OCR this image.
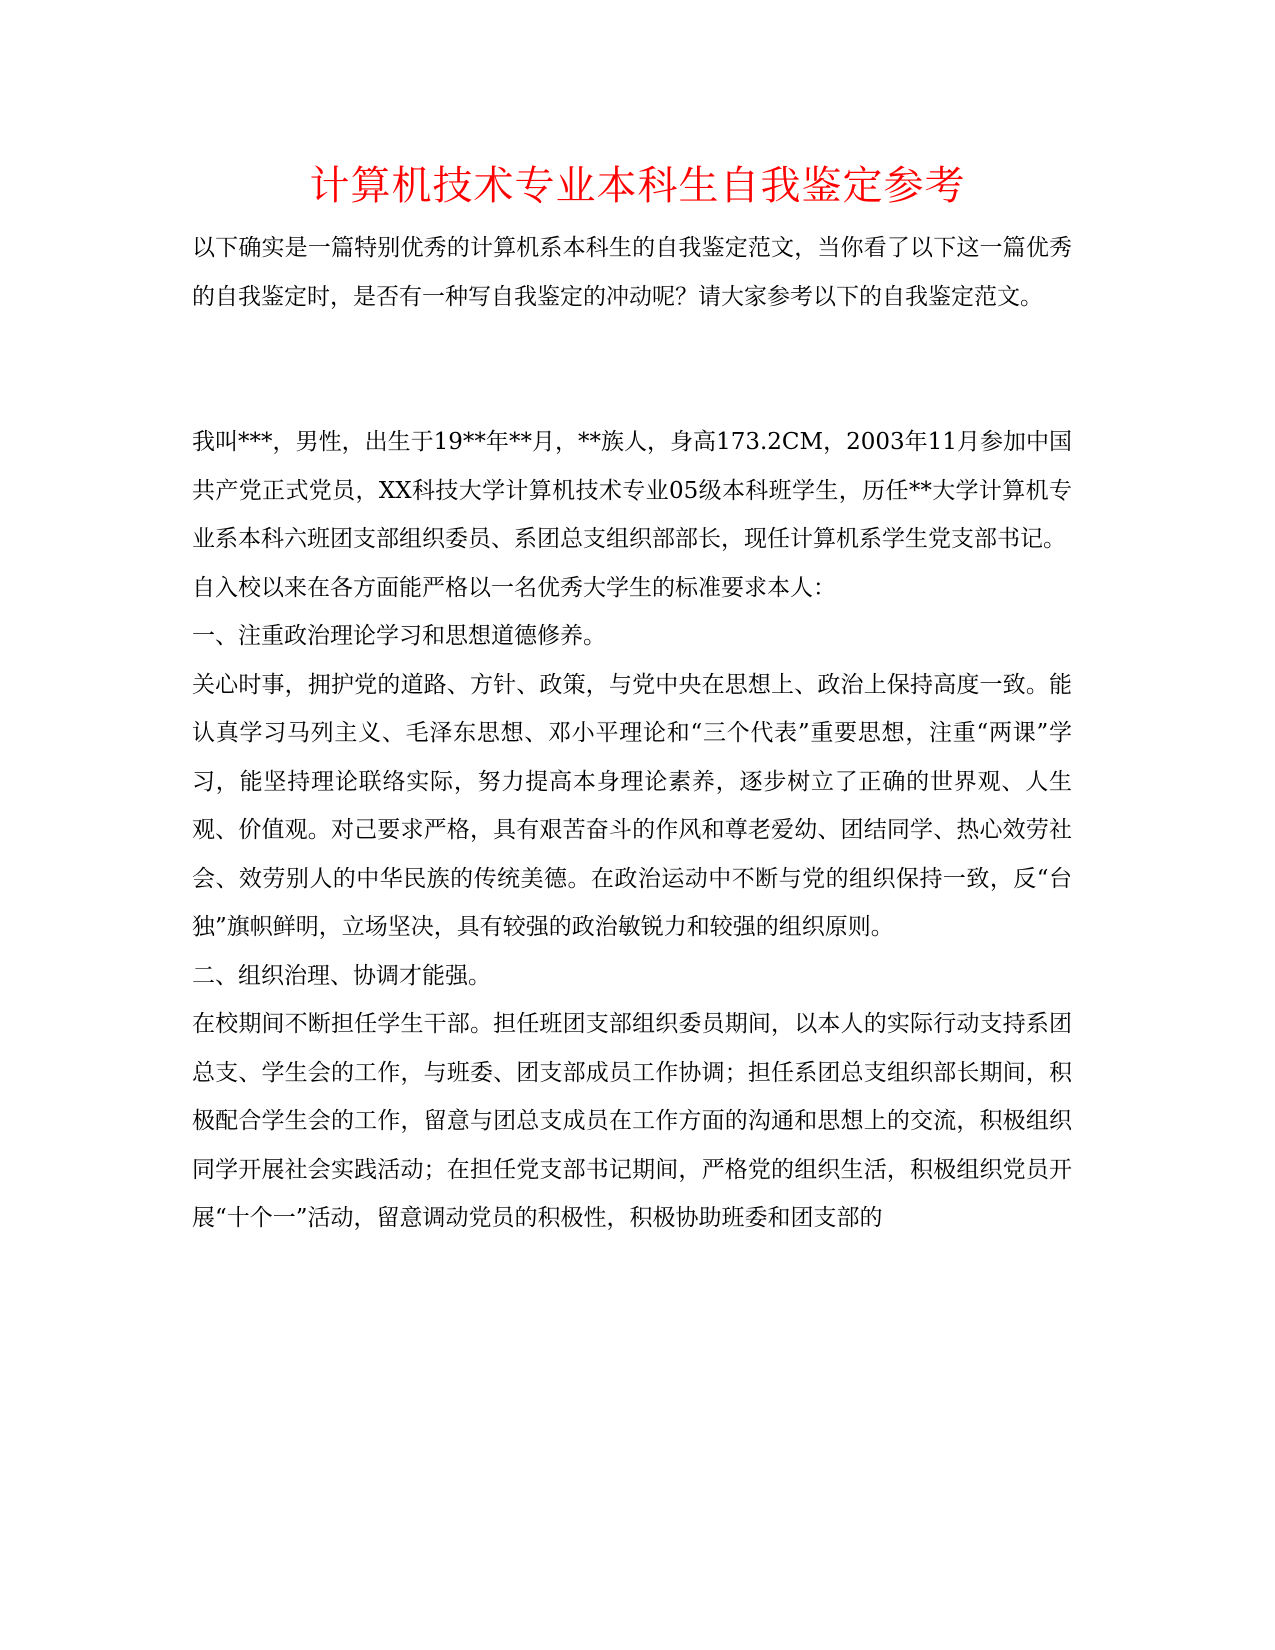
计算机技术专业本科生自我鉴定参考

以下确实是一篇特别优秀的计算机系本科生的自我鉴定范文，当你看了以下这一篇优秀的自我鉴定时，是否有一种写自我鉴定的冲动呢？请大家参考以下的自我鉴定范文。

我叫***，男性，出生于19**年**月，**族人，身高173.2CM，2003年11月参加中国共产党正式党员，XX科技大学计算机技术专业05级本科班学生，历任**大学计算机专业系本科六班团支部组织委员、系团总支组织部部长，现任计算机系学生党支部书记。

自入校以来在各方面能严格以一名优秀大学生的标准要求本人：

一、注重政治理论学习和思想道德修养。

关心时事，拥护党的道路、方针、政策，与党中央在思想上、政治上保持高度一致。能认真学习马列主义、毛泽东思想、邓小平理论和“三个代表”重要思想，注重“两课”学习，能坚持理论联络实际，努力提高本身理论素养，逐步树立了正确的世界观、人生观、价值观。对己要求严格，具有艰苦奋斗的作风和尊老爱幼、团结同学、热心效劳社会、效劳别人的中华民族的传统美德。在政治运动中不断与党的组织保持一致，反“台独”旗帜鲜明，立场坚决，具有较强的政治敏锐力和较强的组织原则。

二、组织治理、协调才能强。

在校期间不断担任学生干部。担任班团支部组织委员期间，以本人的实际行动支持系团总支、学生会的工作，与班委、团支部成员工作协调；担任系团总支组织部长期间，积极配合学生会的工作，留意与团总支成员在工作方面的沟通和思想上的交流，积极组织同学开展社会实践活动；在担任党支部书记期间，严格党的组织生活，积极组织党员开展“十个一”活动，留意调动党员的积极性，积极协助班委和团支部的
